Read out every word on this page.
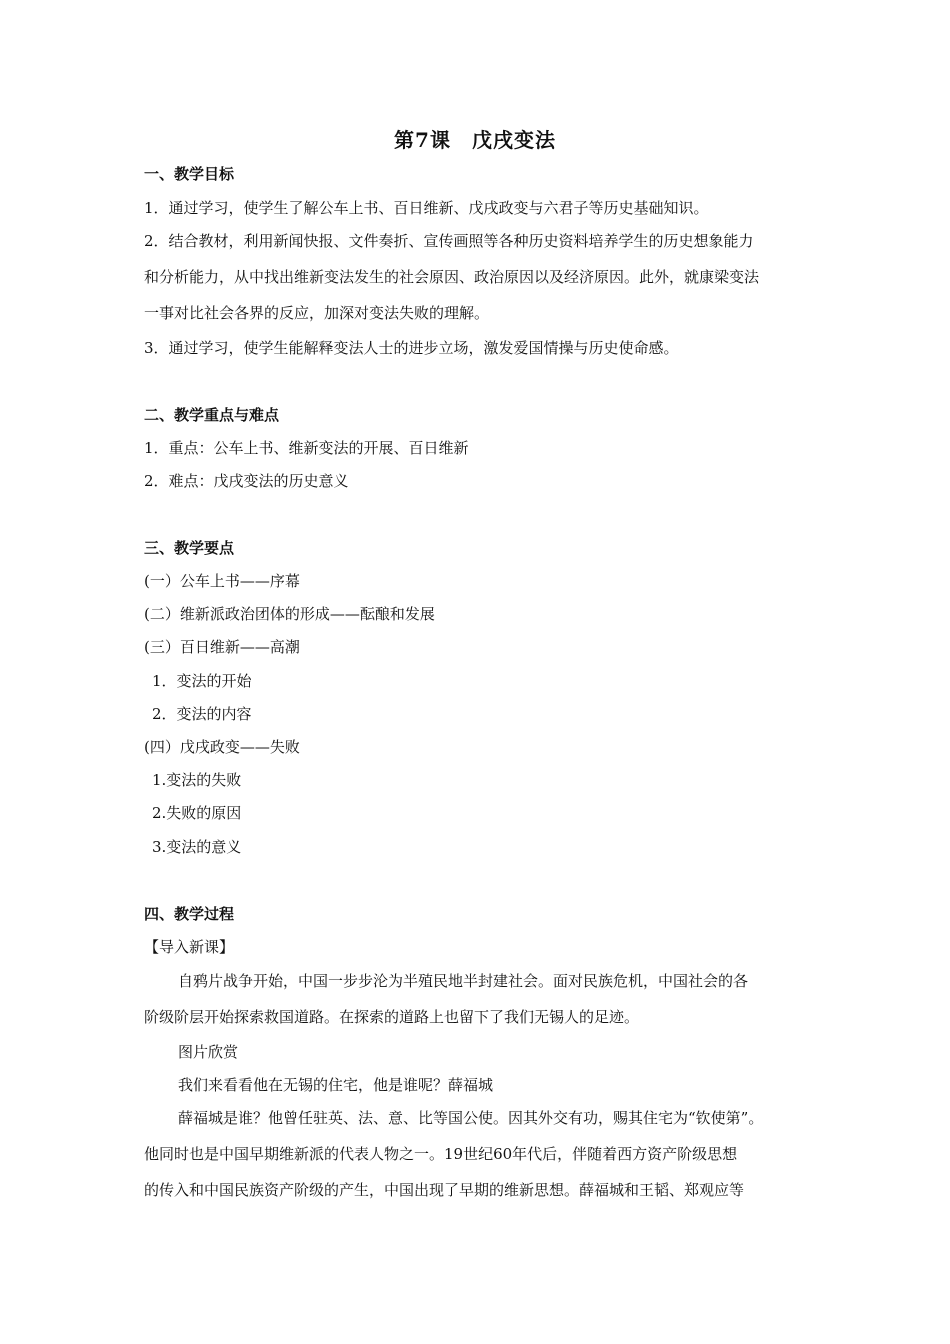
第7课　戊戌变法
一、教学目标
1．通过学习，使学生了解公车上书、百日维新、戊戌政变与六君子等历史基础知识。
2．结合教材，利用新闻快报、文件奏折、宣传画照等各种历史资料培养学生的历史想象能力
和分析能力，从中找出维新变法发生的社会原因、政治原因以及经济原因。此外，就康梁变法
一事对比社会各界的反应，加深对变法失败的理解。
3．通过学习，使学生能解释变法人士的进步立场，激发爱国情操与历史使命感。
二、教学重点与难点
1．重点：公车上书、维新变法的开展、百日维新
2．难点：戊戌变法的历史意义
三、教学要点
(一）公车上书——序幕
(二）维新派政治团体的形成——酝酿和发展
(三）百日维新——高潮
1．变法的开始
2．变法的内容
(四）戊戌政变——失败
1.变法的失败
2.失败的原因
3.变法的意义
四、教学过程
【导入新课】
自鸦片战争开始，中国一步步沦为半殖民地半封建社会。面对民族危机，中国社会的各
阶级阶层开始探索救国道路。在探索的道路上也留下了我们无锡人的足迹。
图片欣赏
我们来看看他在无锡的住宅，他是谁呢？薛福城
薛福城是谁？他曾任驻英、法、意、比等国公使。因其外交有功，赐其住宅为“钦使第”。
他同时也是中国早期维新派的代表人物之一。19世纪60年代后，伴随着西方资产阶级思想
的传入和中国民族资产阶级的产生，中国出现了早期的维新思想。薛福城和王韬、郑观应等
